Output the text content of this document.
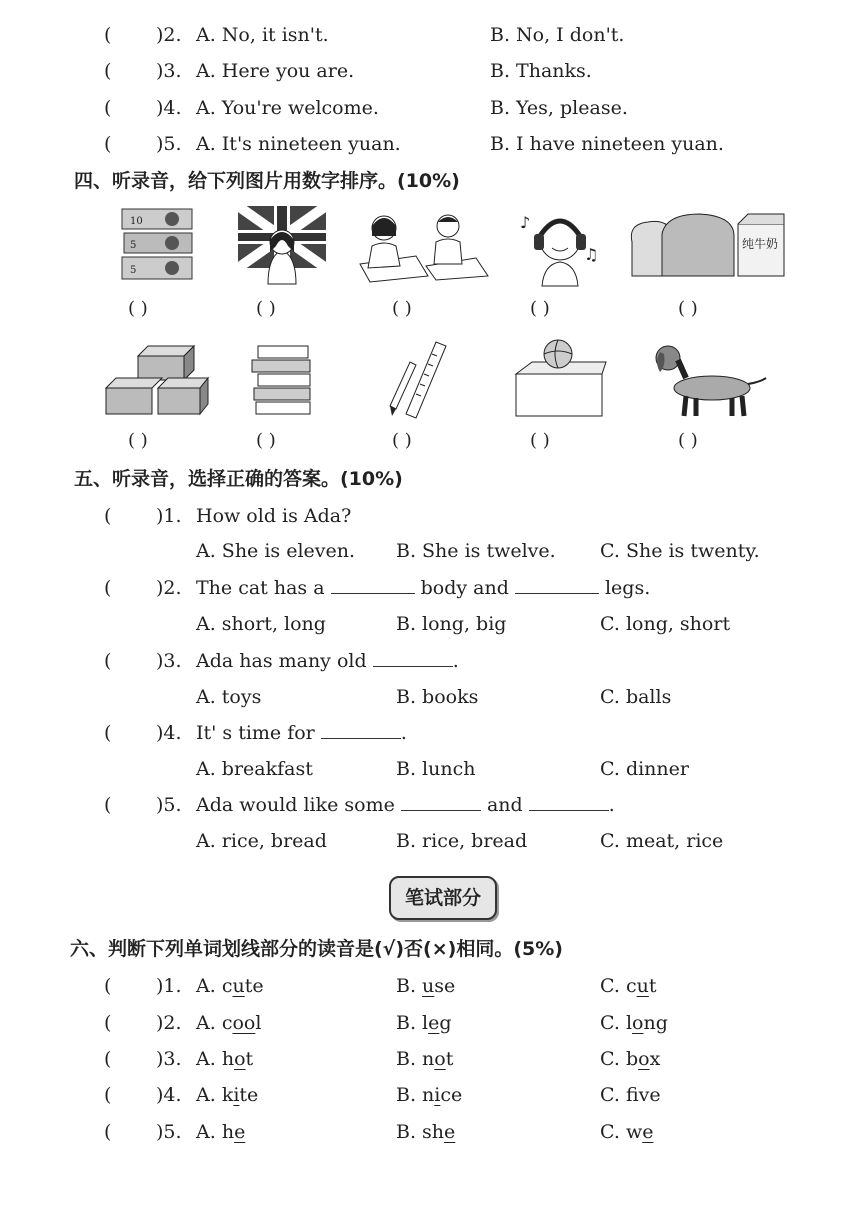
( )2. A. No, it isn't.	B. No, I don't.
( )3. A. Here you are.	B. Thanks.
( )4. A. You're welcome.	B. Yes, please.
( )5. A. It's nineteen yuan.	B. I have nineteen yuan.
四、听录音，给下列图片用数字排序。(10%)
10
5
5
♪
♫
纯牛奶
( )	( )	( )	( )	( )
( )	( )	( )	( )	( )
五、听录音，选择正确的答案。(10%)
( )1. How old is Ada?
A. She is eleven. B. She is twelve. C. She is twenty.
( )2. The cat has a	body and	legs.
A. short, long	B. long, big	C. long, short
( )3. Ada has many old	.
A. toys	B. books	C. balls
( )4. It' s time for	.
A. breakfast	B. lunch	C. dinner
( )5. Ada would like some	and	.
A. rice, bread	B. rice, bread	C. meat, rice
笔试部分
六、判断下列单词划线部分的读音是(√)否(×)相同。(5%)
( )1. A. cute	B. use	C. cut
( )2. A. cool	B. leg	C. long
( )3. A. hot	B. not	C. box
( )4. A. kite	B. nice	C. fve
( )5. A. he	B. she	C. we
